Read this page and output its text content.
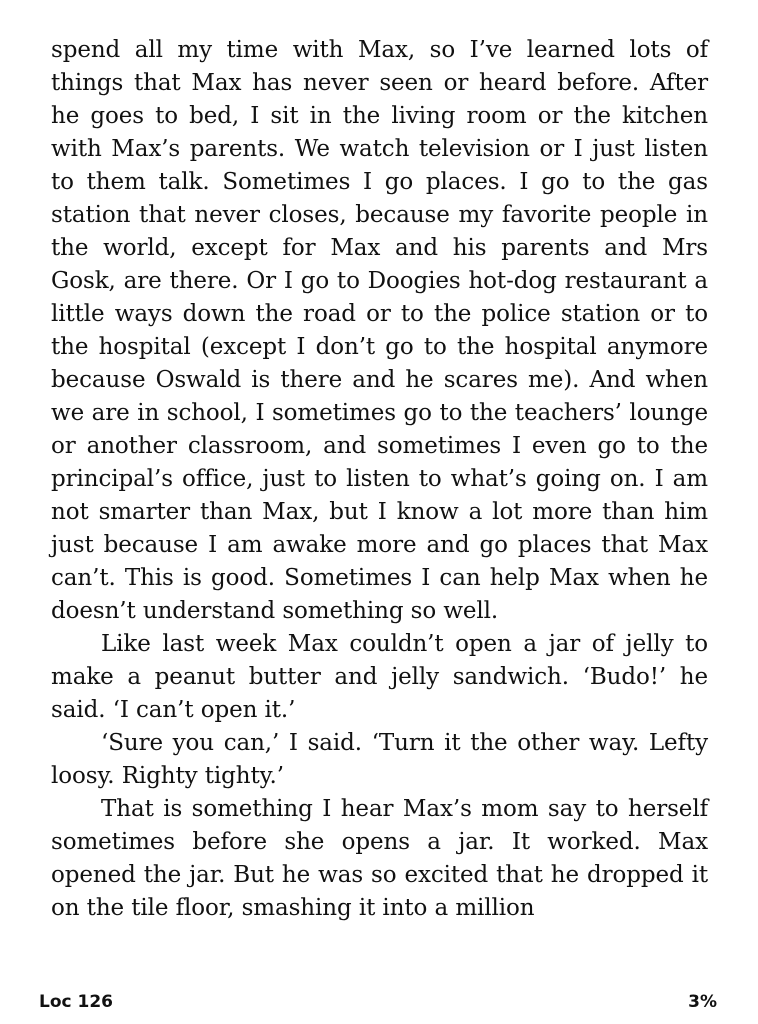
spend all my time with Max, so I’ve learned lots of things that Max has never seen or heard before. After he goes to bed, I sit in the living room or the kitchen with Max’s parents. We watch television or I just listen to them talk. Sometimes I go places. I go to the gas station that never closes, because my favorite people in the world, except for Max and his parents and Mrs Gosk, are there. Or I go to Doogies hot-dog restaurant a little ways down the road or to the police station or to the hospital (except I don’t go to the hospital anymore because Oswald is there and he scares me). And when we are in school, I sometimes go to the teachers’ lounge or another classroom, and sometimes I even go to the principal’s office, just to listen to what’s going on. I am not smarter than Max, but I know a lot more than him just because I am awake more and go places that Max can’t. This is good. Sometimes I can help Max when he doesn’t understand something so well.

Like last week Max couldn’t open a jar of jelly to make a peanut butter and jelly sandwich. ‘Budo!’ he said. ‘I can’t open it.’

‘Sure you can,’ I said. ‘Turn it the other way. Lefty loosy. Righty tighty.’

That is something I hear Max’s mom say to herself sometimes before she opens a jar. It worked. Max opened the jar. But he was so excited that he dropped it on the tile floor, smashing it into a million

Loc 126	3%
